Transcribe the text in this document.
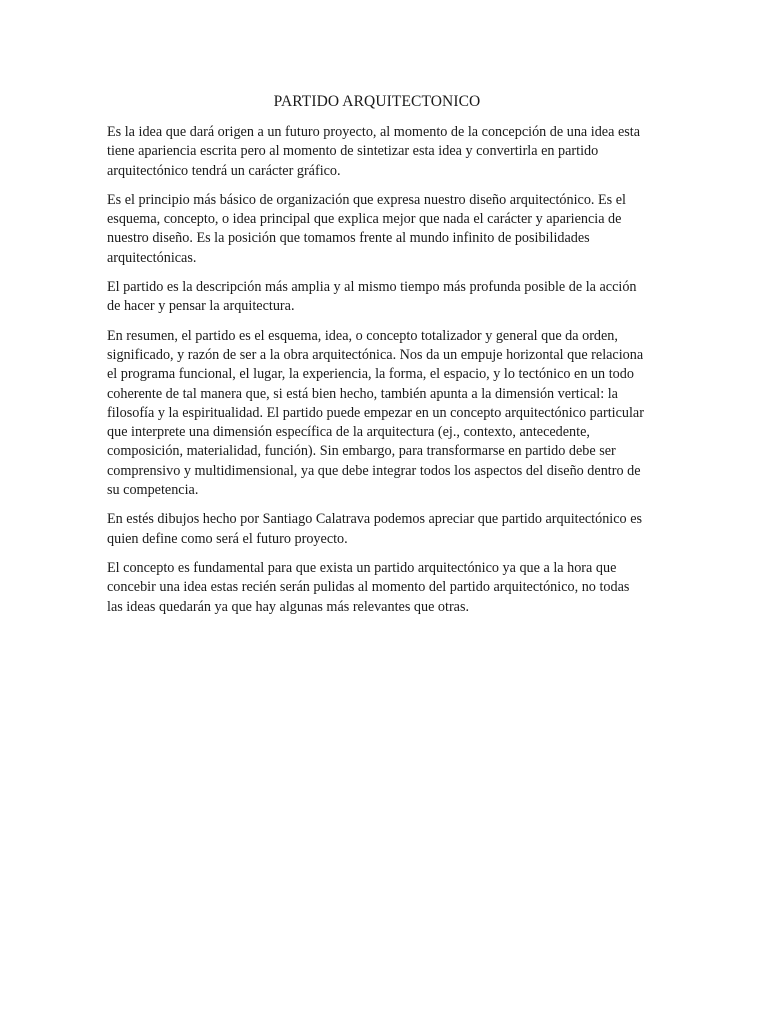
PARTIDO ARQUITECTONICO

Es la idea que dará origen a un futuro proyecto, al momento de la concepción de una idea esta tiene apariencia escrita pero al momento de sintetizar esta idea y convertirla en partido arquitectónico tendrá un carácter gráfico.

Es el principio más básico de organización que expresa nuestro diseño arquitectónico. Es el esquema, concepto, o idea principal que explica mejor que nada el carácter y apariencia de nuestro diseño. Es la posición que tomamos frente al mundo infinito de posibilidades arquitectónicas.

El partido es la descripción más amplia y al mismo tiempo más profunda posible de la acción de hacer y pensar la arquitectura.

En resumen, el partido es el esquema, idea, o concepto totalizador y general que da orden, significado, y razón de ser a la obra arquitectónica. Nos da un empuje horizontal que relaciona el programa funcional, el lugar, la experiencia, la forma, el espacio, y lo tectónico en un todo coherente de tal manera que, si está bien hecho, también apunta a la dimensión vertical: la filosofía y la espiritualidad. El partido puede empezar en un concepto arquitectónico particular que interprete una dimensión específica de la arquitectura (ej., contexto, antecedente, composición, materialidad, función). Sin embargo, para transformarse en partido debe ser comprensivo y multidimensional, ya que debe integrar todos los aspectos del diseño dentro de su competencia.

En estés dibujos hecho por Santiago Calatrava podemos apreciar que partido arquitectónico es quien define como será el futuro proyecto.

El concepto es fundamental para que exista un partido arquitectónico ya que a la hora que concebir una idea estas recién serán pulidas al momento del partido arquitectónico, no todas las ideas quedarán ya que hay algunas más relevantes que otras.
